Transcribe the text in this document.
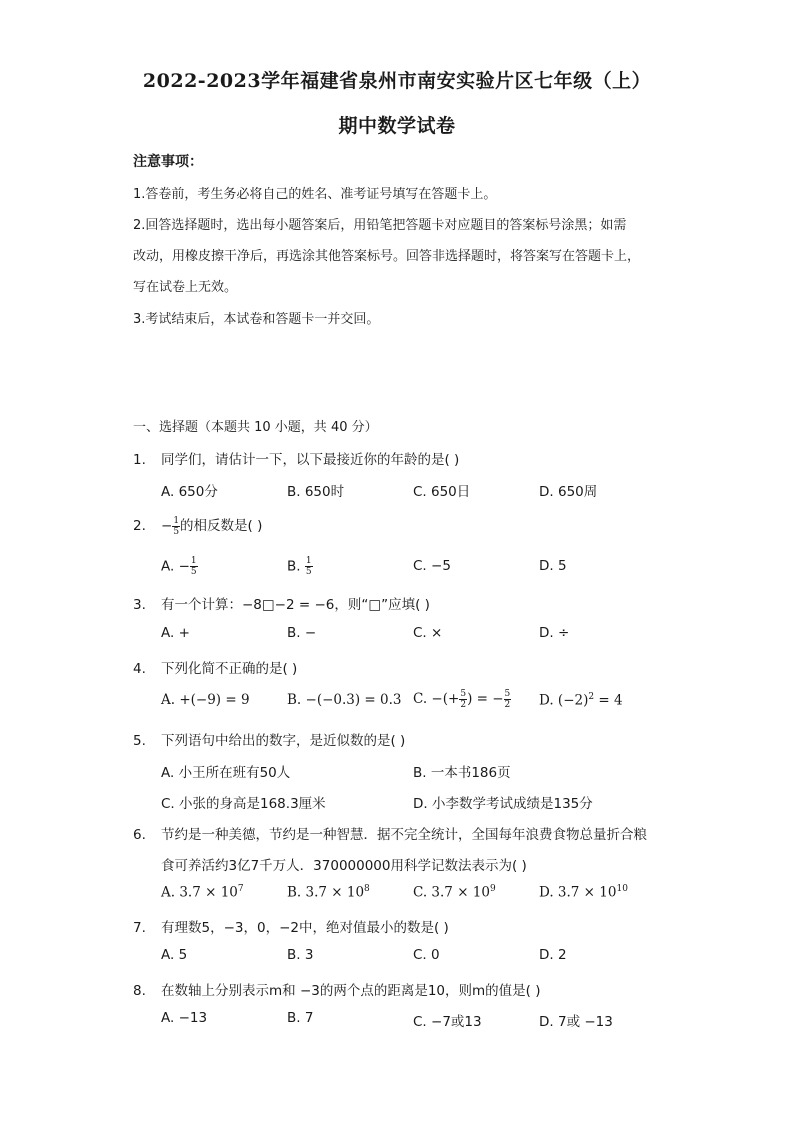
2022-2023学年福建省泉州市南安实验片区七年级（上）
期中数学试卷
注意事项：
1.答卷前，考生务必将自己的姓名、准考证号填写在答题卡上。
2.回答选择题时，选出每小题答案后，用铅笔把答题卡对应题目的答案标号涂黑；如需
改动，用橡皮擦干净后，再选涂其他答案标号。回答非选择题时，将答案写在答题卡上，
写在试卷上无效。
3.考试结束后，本试卷和答题卡一并交回。
一、选择题（本题共 10 小题，共 40 分）
1. 同学们，请估计一下，以下最接近你的年龄的是( )
A. 650分	B. 650时	C. 650日	D. 650周
2. − $\frac{1}{5}$ 的相反数是( )
A. − $\frac{1}{5}$	B. $\frac{1}{5}$	C. −5	D. 5
3. 有一个计算：−8□−2 = −6，则“□”应填( )
A. +	B. −	C. ×	D. ÷
4. 下列化简不正确的是( )
A. +(−9) = 9	B. −(−0.3) = 0.3 C. −(+ $\frac{5}{2}$ ) = − $\frac{5}{2} D$. $(-2)^2 = 4$
5. 下列语句中给出的数字，是近似数的是( )
A. 小王所在班有50人	B. 一本书186页
C. 小张的身高是168.3厘米	D. 小李数学考试成绩是135分
6. 节约是一种美德，节约是一种智慧．据不完全统计，全国每年浪费食物总量折合粮
食可养活约3亿7千万人．370000000用科学记数法表示为( )
A. $3.7 \times 10^7$	B. $3.7 \times 10^8$	C. $3.7 \times 10^9$	D. $3.7 \times 10^{10}$
7. 有理数5，−3，0，−2中，绝对值最小的数是( )
A. 5	B. 3	C. 0	D. 2
8. 在数轴上分别表示m和 −3的两个点的距离是10，则m的值是( )
A. −13	B. 7	C. −7或13	D. 7或 −13
